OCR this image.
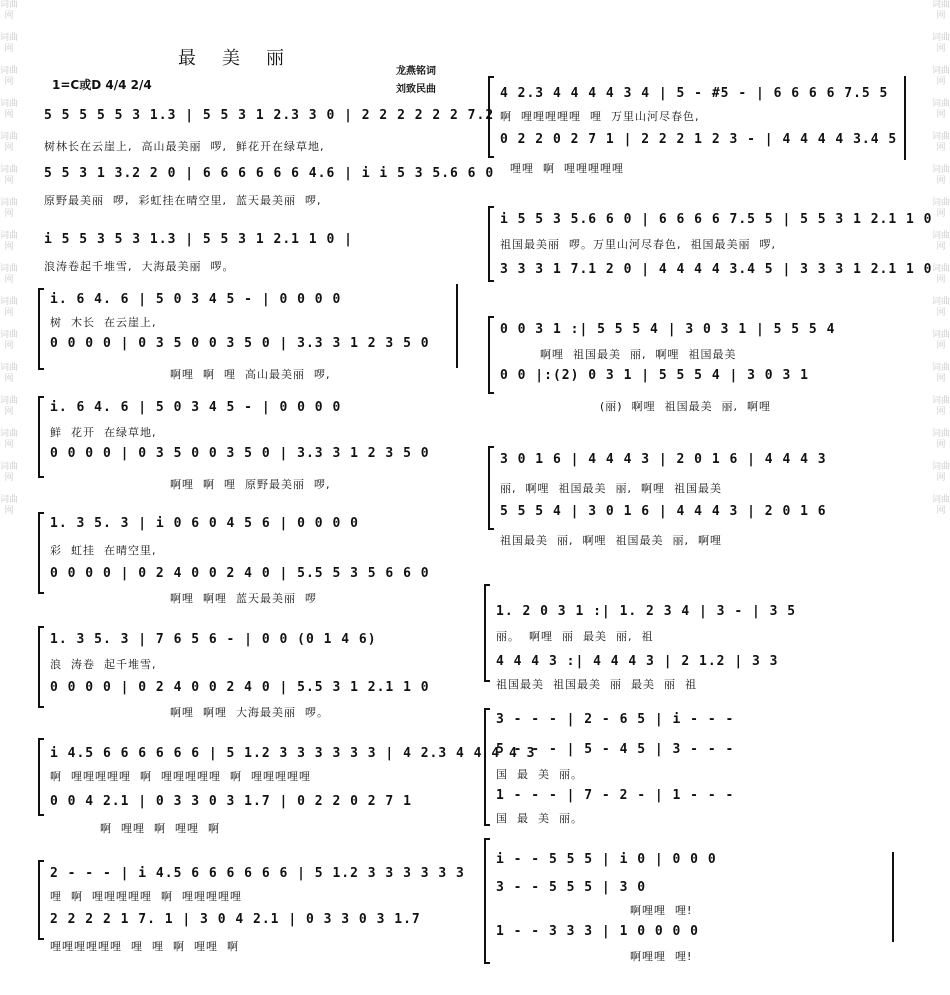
词曲网

词曲网

词曲网

词曲网

词曲网

词曲网

词曲网

词曲网

词曲网

词曲网

词曲网

词曲网

词曲网

词曲网

词曲网

词曲网
词曲网

词曲网

词曲网

词曲网

词曲网

词曲网

词曲网

词曲网

词曲网

词曲网

词曲网

词曲网

词曲网

词曲网

词曲网

词曲网
最美丽
1=C或D 4/4 2/4
龙燕铭词
刘致民曲
5 5 5 5 5 3 1.3 | 5 5 3 1 2.3 3 0 | 2 2 2 2 2 2 7.2
树林长在云崖上,  高山最美丽  啰,  鲜花开在绿草地,
5 5 3 1 3.2 2 0 | 6 6 6 6 6 6 4.6 | i i 5 3 5.6 6 0
原野最美丽  啰,  彩虹挂在晴空里,  蓝天最美丽  啰,
i 5 5 3 5 3 1.3 | 5 5 3 1 2.1 1 0 |
浪涛卷起千堆雪,  大海最美丽  啰。
i. 6 4. 6 | 5 0 3 4 5 - | 0 0 0 0
树  木长  在云崖上,
0 0 0 0 | 0 3 5 0 0 3 5 0 | 3.3 3 1 2 3 5 0
啊哩  啊  哩  高山最美丽  啰,
i. 6 4. 6 | 5 0 3 4 5 - | 0 0 0 0
鲜  花开  在绿草地,
0 0 0 0 | 0 3 5 0 0 3 5 0 | 3.3 3 1 2 3 5 0
啊哩  啊  哩  原野最美丽  啰,
1. 3 5. 3 | i 0 6 0 4 5 6 | 0 0 0 0
彩  虹挂  在晴空里,
0 0 0 0 | 0 2 4 0 0 2 4 0 | 5.5 5 3 5 6 6 0
啊哩  啊哩  蓝天最美丽  啰
1. 3 5. 3 | 7 6 5 6 - | 0 0 (0 1 4 6)
浪  涛卷  起千堆雪,
0 0 0 0 | 0 2 4 0 0 2 4 0 | 5.5 3 1 2.1 1 0
啊哩  啊哩  大海最美丽  啰。
i 4.5 6 6 6 6 6 6 | 5 1.2 3 3 3 3 3 3 | 4 2.3 4 4 4 4 3
啊  哩哩哩哩哩  啊  哩哩哩哩哩  啊  哩哩哩哩哩
0 0 4 2.1 | 0 3 3 0 3 1.7 | 0 2 2 0 2 7 1
啊  哩哩  啊  哩哩  啊
2 - - - | i 4.5 6 6 6 6 6 6 | 5 1.2 3 3 3 3 3 3
哩  啊  哩哩哩哩哩  啊  哩哩哩哩哩
2 2 2 2 1 7. 1 | 3 0 4 2.1 | 0 3 3 0 3 1.7
哩哩哩哩哩哩  哩  哩  啊  哩哩  啊
4 2.3 4 4 4 4 3 4 | 5 - #5 - | 6 6 6 6 7.5 5
啊  哩哩哩哩哩  哩  万里山河尽春色,
0 2 2 0 2 7 1 | 2 2 2 1 2 3 - | 4 4 4 4 3.4 5
哩哩  啊  哩哩哩哩哩
i 5 5 3 5.6 6 0 | 6 6 6 6 7.5 5 | 5 5 3 1 2.1 1 0
祖国最美丽  啰。万里山河尽春色,  祖国最美丽  啰,
3 3 3 1 7.1 2 0 | 4 4 4 4 3.4 5 | 3 3 3 1 2.1 1 0
0 0 3 1 :| 5 5 5 4 | 3 0 3 1 | 5 5 5 4
啊哩  祖国最美  丽,  啊哩  祖国最美
0 0 |:(2) 0 3 1 | 5 5 5 4 | 3 0 3 1
(丽)  啊哩  祖国最美  丽,  啊哩
3 0 1 6 | 4 4 4 3 | 2 0 1 6 | 4 4 4 3
丽,  啊哩  祖国最美  丽,  啊哩  祖国最美
5 5 5 4 | 3 0 1 6 | 4 4 4 3 | 2 0 1 6
祖国最美  丽,  啊哩  祖国最美  丽,  啊哩
1. 2 0 3 1 :| 1. 2 3 4 | 3 - | 3 5
丽。  啊哩  丽  最美  丽,  祖
4 4 4 3 :| 4 4 4 3 | 2 1.2 | 3 3
祖国最美  祖国最美  丽  最美  丽  祖
3 - - - | 2 - 6 5 | i - - -
5 - - - | 5 - 4 5 | 3 - - -
国  最  美  丽。
1 - - - | 7 - 2 - | 1 - - -
国  最  美  丽。
i - - 5 5 5 | i 0 | 0 0 0
3 - - 5 5 5 | 3 0
啊哩哩  哩!
1 - - 3 3 3 | 1 0 0 0 0
啊哩哩  哩!
